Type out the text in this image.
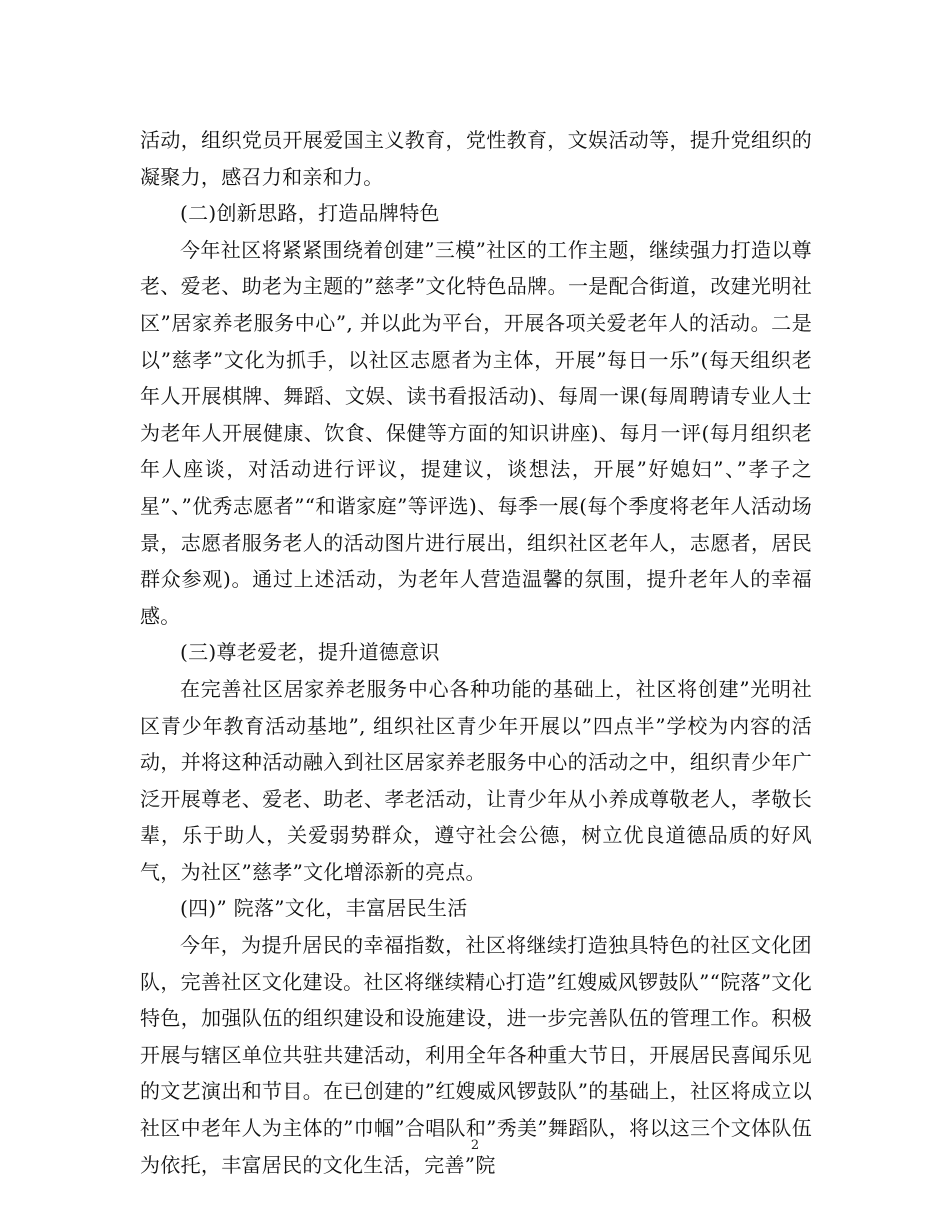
活动，组织党员开展爱国主义教育，党性教育，文娱活动等，提升党组织的凝聚力，感召力和亲和力。

(二)创新思路，打造品牌特色

今年社区将紧紧围绕着创建”三模”社区的工作主题，继续强力打造以尊老、爱老、助老为主题的”慈孝”文化特色品牌。一是配合街道，改建光明社区”居家养老服务中心”, 并以此为平台，开展各项关爱老年人的活动。二是以”慈孝”文化为抓手，以社区志愿者为主体，开展”每日一乐”(每天组织老年人开展棋牌、舞蹈、文娱、读书看报活动)、每周一课(每周聘请专业人士为老年人开展健康、饮食、保健等方面的知识讲座)、每月一评(每月组织老年人座谈，对活动进行评议，提建议，谈想法，开展”好媳妇”、”孝子之星”、”优秀志愿者”“和谐家庭”等评选)、每季一展(每个季度将老年人活动场景，志愿者服务老人的活动图片进行展出，组织社区老年人，志愿者，居民群众参观)。通过上述活动，为老年人营造温馨的氛围，提升老年人的幸福感。

(三)尊老爱老，提升道德意识

在完善社区居家养老服务中心各种功能的基础上，社区将创建”光明社区青少年教育活动基地”, 组织社区青少年开展以”四点半”学校为内容的活动，并将这种活动融入到社区居家养老服务中心的活动之中，组织青少年广泛开展尊老、爱老、助老、孝老活动，让青少年从小养成尊敬老人，孝敬长辈，乐于助人，关爱弱势群众，遵守社会公德，树立优良道德品质的好风气，为社区”慈孝”文化增添新的亮点。

(四)” 院落”文化，丰富居民生活

今年，为提升居民的幸福指数，社区将继续打造独具特色的社区文化团队，完善社区文化建设。社区将继续精心打造”红嫂威风锣鼓队”“院落”文化特色，加强队伍的组织建设和设施建设，进一步完善队伍的管理工作。积极开展与辖区单位共驻共建活动，利用全年各种重大节日，开展居民喜闻乐见的文艺演出和节目。在已创建的”红嫂威风锣鼓队”的基础上，社区将成立以社区中老年人为主体的”巾帼”合唱队和”秀美”舞蹈队，将以这三个文体队伍为依托，丰富居民的文化生活，完善”院

2
